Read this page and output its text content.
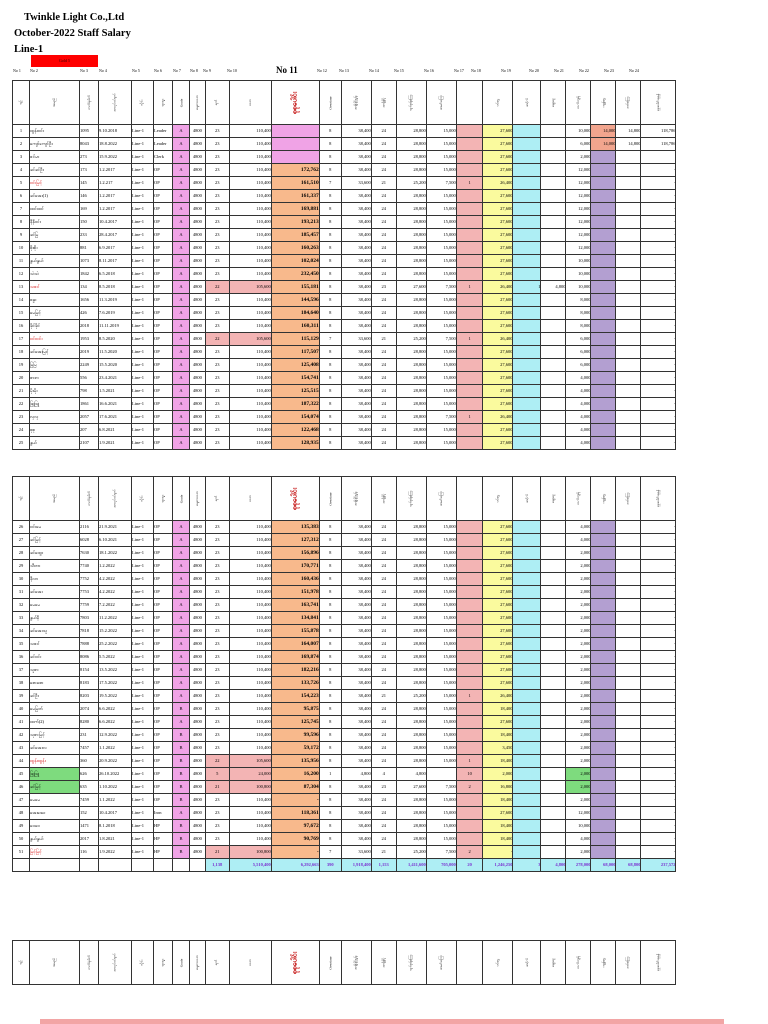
Twinkle Light Co.,Ltd
October-2022 Staff Salary
Line-1
Gold 5
No 1 No 2	No 3	No 4	No 5	No 6	No 7 No 8 No 9	No 10	No 12	No 13	No 14	No 15	No 16	No 17 No 18	No 19	No 20	No 21	No 22	No 23	No 24
No 11
စဉ်	အမည်	ကတ်နံပါတ်	အလုပ်ဝင်ရက်	လိုင်း	ရာထူး	Grade	နေ့စားလစာ	ရက်	လစာ	စုစုပေါင်း	Overtime	အချိန်ပိုနှုန်း	အချိန်ပို	ရက်မှန်ကြေး	ထမင်းကြေး	Late Fine / Absent	ဝင်ငွေ	ဆင့်ကဲ	ချေးငွေ	လက်ကျန်	ကျန်ငွေ	ဒဏ်ကြေး	စုစုပေါင်းရရန်
1	ထွန်းဝင်း	1095	9.10.2018	Line-1	Leader	A	4800	23	110,400		8	38,400	24	28,800	15,000		27,600			10,000	14,000	14,800	118,786
2	ကျော်ကျော်ဦး	8043	18.8.2022	Line-1	Leader	A	4800	23	110,400		8	38,400	24	28,800	15,000		27,600			6,000	14,000	14,800	118,786
3	ဇင်မာ	273	15.9.2022	Line-1	Clerk	A	4800	23	110,400		8	38,400	24	28,800	15,000		27,600			2,000			
4	ခင်ခင်ဦး	173	1.2.2017	Line-1	OP	A	4800	23	110,400	172,762	8	38,400	24	28,800	15,000		27,600			12,000			-
5	ဝင်းမြင့်	145	1.2.217	Line-1	OP	A	4800	23	110,400	161,510	7	33,600	21	25,200	7,500	1	26,400			12,000			-
6	ခင်အေး(1)	146	1.2.2017	Line-1	OP	A	4800	23	110,400	161,337	8	38,400	24	28,800	15,000		27,600			12,000			-
7	ထင်ထင်	169	1.2.2017	Line-1	OP	A	4800	23	110,400	169,881	8	38,400	24	28,800	15,000		27,600			12,000			-
8	နီနီဝင်း	150	10.4.2017	Line-1	OP	A	4800	23	110,400	193,213	8	38,400	24	28,800	15,000		27,600			12,000			-
9	ခင်မြ	233	28.4.2017	Line-1	OP	A	4800	23	110,400	185,457	8	38,400	24	28,800	15,000		27,600			12,000			-
10	စိုးစိုး	881	6.9.2017	Line-1	OP	A	4800	23	110,400	160,263	8	38,400	24	28,800	15,000		27,600			12,000			-
11	နွယ်နွယ်	1073	8.11.2017	Line-1	OP	A	4800	23	110,400	102,024	8	38,400	24	28,800	15,000		27,600			10,000			-
12	သဲသဲ	1842	6.5.2018	Line-1	OP	A	4800	23	110,400	232,450	8	38,400	24	28,800	15,000		27,600			10,000			-
13	သဇင်	134	8.5.2018	Line-1	OP	A	4800	22	105,600	155,181	8	38,400	23	27,600	7,500	1	26,400	1	4,800	10,000			-
14	စန္ဒာ	1656	11.3.2019	Line-1	OP	A	4800	23	110,400	144,596	8	38,400	24	28,800	15,000		27,600			8,000			-
15	မေမြင့်	426	7.6.2019	Line-1	OP	A	4800	23	110,400	184,640	8	38,400	24	28,800	15,000		27,600			8,000			-
16	ခိုင်ခိုင်	2018	11.11.2019	Line-1	OP	A	4800	23	110,400	160,311	8	38,400	24	28,800	15,000		27,600			8,000			-
17	ဝင်းဝင်း	1953	8.5.2020	Line-1	OP	A	4800	22	105,600	115,129	7	33,600	21	25,200	7,500	1	26,400			6,000			-
18	ခင်အေးမြင့်	2019	11.5.2020	Line-1	OP	A	4800	23	110,400	117,507	8	38,400	24	28,800	15,000		27,600			6,000			-
19	မြမြ	2249	15.5.2020	Line-1	OP	A	4800	23	110,400	125,408	8	38,400	24	28,800	15,000		27,600			6,000			-
20	ဇာဇာ	556	23.4.2021	Line-1	OP	A	4800	23	110,400	154,741	8	38,400	24	28,800	15,000		27,600			4,000			-
21	မိုးမိုး	798	1.5.2021	Line-1	OP	A	4800	23	110,400	125,515	8	38,400	24	28,800	15,000		27,600			4,000			-
22	ဖြူဖြူ	1861	16.6.2021	Line-1	OP	A	4800	23	110,400	187,322	8	38,400	24	28,800	15,000		27,600			4,000			-
23	လှလှ	2057	17.6.2021	Line-1	OP	A	4800	23	110,400	154,074	8	38,400	24	28,800	7,500	1	26,400			4,000			-
24	စုစု	207	6.8.2021	Line-1	OP	A	4800	23	110,400	122,468	8	38,400	24	28,800	15,000		27,600			4,000			-
25	နွယ်	2107	1.9.2021	Line-1	OP	A	4800	23	110,400	128,935	8	38,400	24	28,800	15,000		27,600			4,000			-
စဉ်	အမည်	ကတ်နံပါတ်	အလုပ်ဝင်ရက်	လိုင်း	ရာထူး	Grade	နေ့စားလစာ	ရက်	လစာ	စုစုပေါင်း	Overtime	အချိန်ပိုနှုန်း	အချိန်ပို	ရက်မှန်ကြေး	ထမင်းကြေး	Late Fine / Absent	ဝင်ငွေ	ဆင့်ကဲ	ချေးငွေ	လက်ကျန်	ကျန်ငွေ	ဒဏ်ကြေး	စုစုပေါင်းရရန်
26	ဝင်းမေ	2116	21.9.2021	Line-1	OP	A	4800	23	110,400	135,383	8	38,400	24	28,800	15,000		27,600			4,000			-
27	ခင်မြင့်	6028	6.10.2021	Line-1	OP	A	4800	23	110,400	127,312	8	38,400	24	28,800	15,000		27,600			4,000			-
28	ခင်ထွေး	7630	18.1.2022	Line-1	OP	A	4800	23	110,400	156,896	8	38,400	24	28,800	15,000		27,600			2,000			-
29	သီတာ	7740	1.2.2022	Line-1	OP	A	4800	23	110,400	170,771	8	38,400	24	28,800	15,000		27,600			2,000			-
30	နီလာ	7752	4.2.2022	Line-1	OP	A	4800	23	110,400	160,436	8	38,400	24	28,800	15,000		27,600			2,000			-
31	ခင်အေး	7753	4.2.2022	Line-1	OP	A	4800	23	110,400	151,978	8	38,400	24	28,800	15,000		27,600			2,000			-
32	မေမေ	7759	7.2.2022	Line-1	OP	A	4800	23	110,400	163,741	8	38,400	24	28,800	15,000		27,600			2,000			-
33	နွယ်နီ	7803	11.2.2022	Line-1	OP	A	4800	23	110,400	134,841	8	38,400	24	28,800	15,000		27,600			2,000			-
34	ခင်အေးသူ	7818	15.2.2022	Line-1	OP	A	4800	23	110,400	155,878	8	38,400	24	28,800	15,000		27,600			2,000			-
35	သဇင်	7888	25.2.2022	Line-1	OP	A	4800	23	110,400	164,007	8	38,400	24	28,800	15,000		27,600			2,000			-
36	ခင်ဝင်း	8086	5.5.2022	Line-1	OP	A	4800	23	110,400	169,874	8	38,400	24	28,800	15,000		27,600			2,000			-
37	သူဇာ	8154	13.5.2022	Line-1	OP	A	4800	23	110,400	182,216	8	38,400	24	28,800	15,000		27,600			2,000			-
38	စောစော	8183	17.5.2022	Line-1	OP	A	4800	23	110,400	133,726	8	38,400	24	28,800	15,000		27,600			2,000			-
39	ခင်ဦး	8203	19.5.2022	Line-1	OP	A	4800	23	110,400	154,223	8	38,400	21	25,200	15,000	1	26,400			2,000			-
40	မေမြတ်	2074	6.6.2022	Line-1	OP	B	4800	23	110,400	95,875	8	38,400	24	28,800	15,000		18,400			2,000			-
41	ထက်(2)	8280	6.6.2022	Line-1	OP	A	4800	23	110,400	125,745	8	38,400	24	28,800	15,000		27,600			2,000			-
42	သုဇာမြင့်	231	12.9.2022	Line-1	OP	B	4800	23	110,400	99,596	8	38,400	24	28,800	15,000		18,400			2,000			-
43	ခင်အေးလ	7457	1.1.2022	Line-1	OP	B	4800	23	110,400	59,172	8	38,400	24	28,800	15,000		3,450			2,000			-
44	ထွန်းထွန်း	360	20.9.2022	Line-1	OP	B	4800	22	105,600	135,956	8	38,400	24	28,800	15,000	1	18,400			2,000			-
45	ဖြူဖြူ	626	26.10.2022	Line-1	OP	B	4800	5	24,000	16,200	1	4,800	4	4,800		10	2,000			2,000			-
46	ခင်မြင့်	635	1.10.2022	Line-1	OP	B	4800	21	100,800	87,304	8	38,400	23	27,600	7,500	2	16,800			2,000			-
47	မေမေ	7459	1.1.2022	Line-1	OP	B	4800	23	110,400	-	8	38,400	24	28,800	15,000		18,400			2,000			-
48	အေးအေး	152	10.4.2017	Line-1	Iron	A	4800	23	110,400	118,361	8	38,400	24	28,800	15,000		27,600			12,000			-
49	ဝေဝေ	1471	8.1.2018	Line-1	HP	B	4800	23	110,400	97,672	8	38,400	24	28,800	15,000		18,400			10,000			-
50	နွယ်နွယ်	2017	1.8.2021	Line-1	HP	B	4800	23	110,400	90,769	8	38,400	24	28,800	15,000		18,400			4,000			-
51	မြင့်မြင့်	116	1.9.2022	Line-1	HP	B	4800	21	100,800	-	7	33,600	21	25,200	7,500	2	-			2,000			-
								1,138	5,510,400	6,292,663	390	1,918,400	1,153	1,411,600	705,000	20	1,246,250	3	4,800	278,000	68,000	68,800	237,572
စဉ်	အမည်	ကတ်နံပါတ်	အလုပ်ဝင်ရက်	လိုင်း	ရာထူး	Grade	နေ့စားလစာ	ရက်	လစာ	စုစုပေါင်း	Overtime	အချိန်ပိုနှုန်း	အချိန်ပို	ရက်မှန်ကြေး	ထမင်းကြေး	Late Fine / Absent	ဝင်ငွေ	ဆင့်ကဲ	ချေးငွေ	လက်ကျန်	ကျန်ငွေ	ဒဏ်ကြေး	စုစုပေါင်းရရန်
